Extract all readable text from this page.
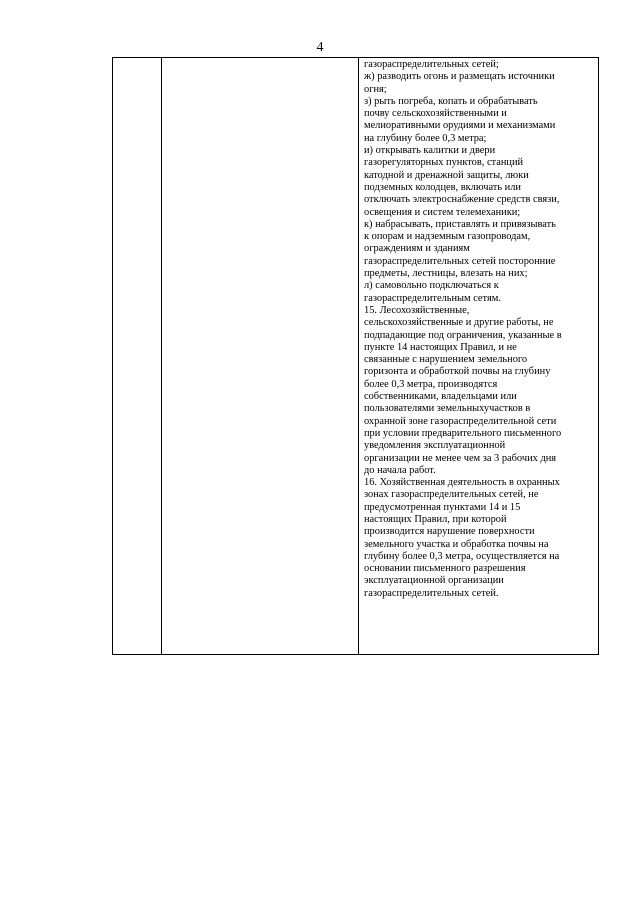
4

газораспределительных сетей;
ж) разводить огонь и размещать источники
огня;
з) рыть погреба, копать и обрабатывать
почву сельскохозяйственными и
мелиоративными орудиями и механизмами
на глубину более 0,3 метра;
и) открывать калитки и двери
газорегуляторных пунктов, станций
катодной и дренажной защиты, люки
подземных колодцев, включать или
отключать электроснабжение средств связи,
освещения и систем телемеханики;
к) набрасывать, приставлять и привязывать
к опорам и надземным газопроводам,
ограждениям и зданиям
газораспределительных сетей посторонние
предметы, лестницы, влезать на них;
л) самовольно подключаться к
газораспределительным сетям.
15. Лесохозяйственные,
сельскохозяйственные и другие работы, не
подпадающие под ограничения, указанные в
пункте 14 настоящих Правил, и не
связанные с нарушением земельного
горизонта и обработкой почвы на глубину
более 0,3 метра, производятся
собственниками, владельцами или
пользователями земельныхучастков в
охранной зоне газораспределительной сети
при условии предварительного письменного
уведомления эксплуатационной
организации не менее чем за 3 рабочих дня
до начала работ.
16. Хозяйственная деятельность в охранных
зонах газораспределительных сетей, не
предусмотренная пунктами 14 и 15
настоящих Правил, при которой
производится нарушение поверхности
земельного участка и обработка почвы на
глубину более 0,3 метра, осуществляется на
основании письменного разрешения
эксплуатационной организации
газораспределительных сетей.
